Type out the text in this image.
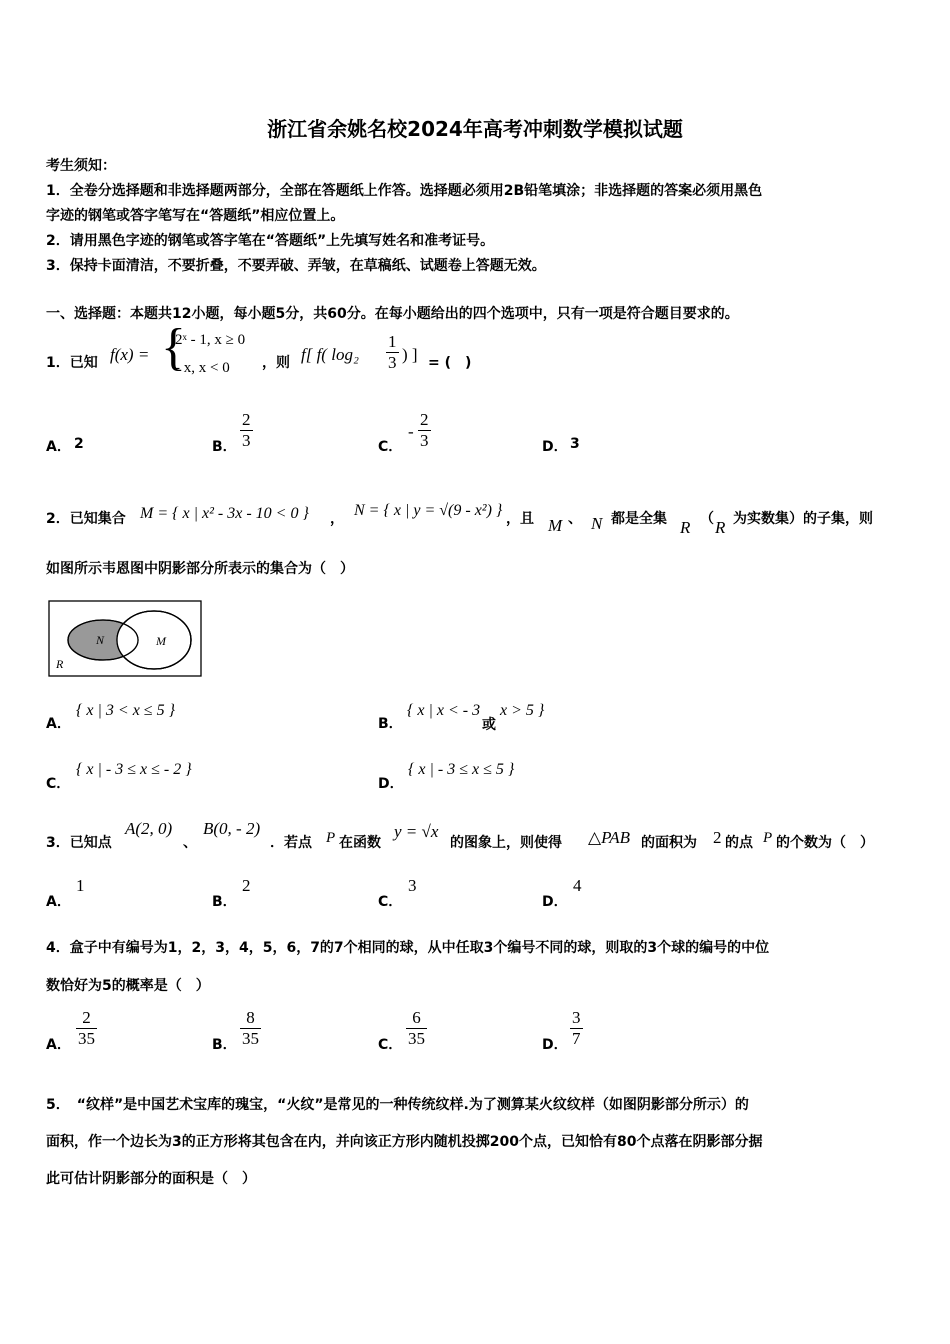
浙江省余姚名校2024年高考冲刺数学模拟试题
考生须知：
1．全卷分选择题和非选择题两部分，全部在答题纸上作答。选择题必须用2B铅笔填涂；非选择题的答案必须用黑色
字迹的钢笔或答字笔写在“答题纸”相应位置上。
2．请用黑色字迹的钢笔或答字笔在“答题纸”上先填写姓名和准考证号。
3．保持卡面清洁，不要折叠，不要弄破、弄皱，在草稿纸、试题卷上答题无效。
一、选择题：本题共12小题，每小题5分，共60分。在每小题给出的四个选项中，只有一项是符合题目要求的。
1．已知 f(x) = {
2ˣ - 1, x ≥ 0
- x, x < 0 ，则 f[ f( $\log_2 \frac{1}{3}$ ) ] = (　)
A． 2	B． $\frac{2}{3}$	C．
- $\frac{2}{3}$	D． 3
2．已知集合 M = { x | x² - 3x - 10 < 0 } ， N = { x | y = √(9 - x²) } ，且 M 、 N 都是全集 R （ R 为实数集）的子集，则
如图所示韦恩图中阴影部分所表示的集合为（　）
N	M
R
A．
{ x | 3 < x ≤ 5 }
B．
{ x | x < - 3
或
x > 5 }
C．
{ x | - 3 ≤ x ≤ - 2 }
D．
{ x | - 3 ≤ x ≤ 5 }
3．已知点
A(2, 0)
、
B(0, - 2)
．若点 P 在函数
y = √x
的图象上，则使得 △PAB 的面积为 2 的点 P 的个数为（　）
A．
1
B．
2
C．
3
D．
4
4．盒子中有编号为1，2，3，4，5，6，7的7个相同的球，从中任取3个编号不同的球，则取的3个球的编号的中位
数恰好为5的概率是（　）
A． $\frac{2}{35}$	B． $\frac{8}{35}$	C． $\frac{6}{35}$	D． $\frac{3}{7}$
5．　“纹样”是中国艺术宝库的瑰宝，“火纹”是常见的一种传统纹样.为了测算某火纹纹样（如图阴影部分所示）的
面积，作一个边长为3的正方形将其包含在内，并向该正方形内随机投掷200个点，已知恰有80个点落在阴影部分据
此可估计阴影部分的面积是（　）
